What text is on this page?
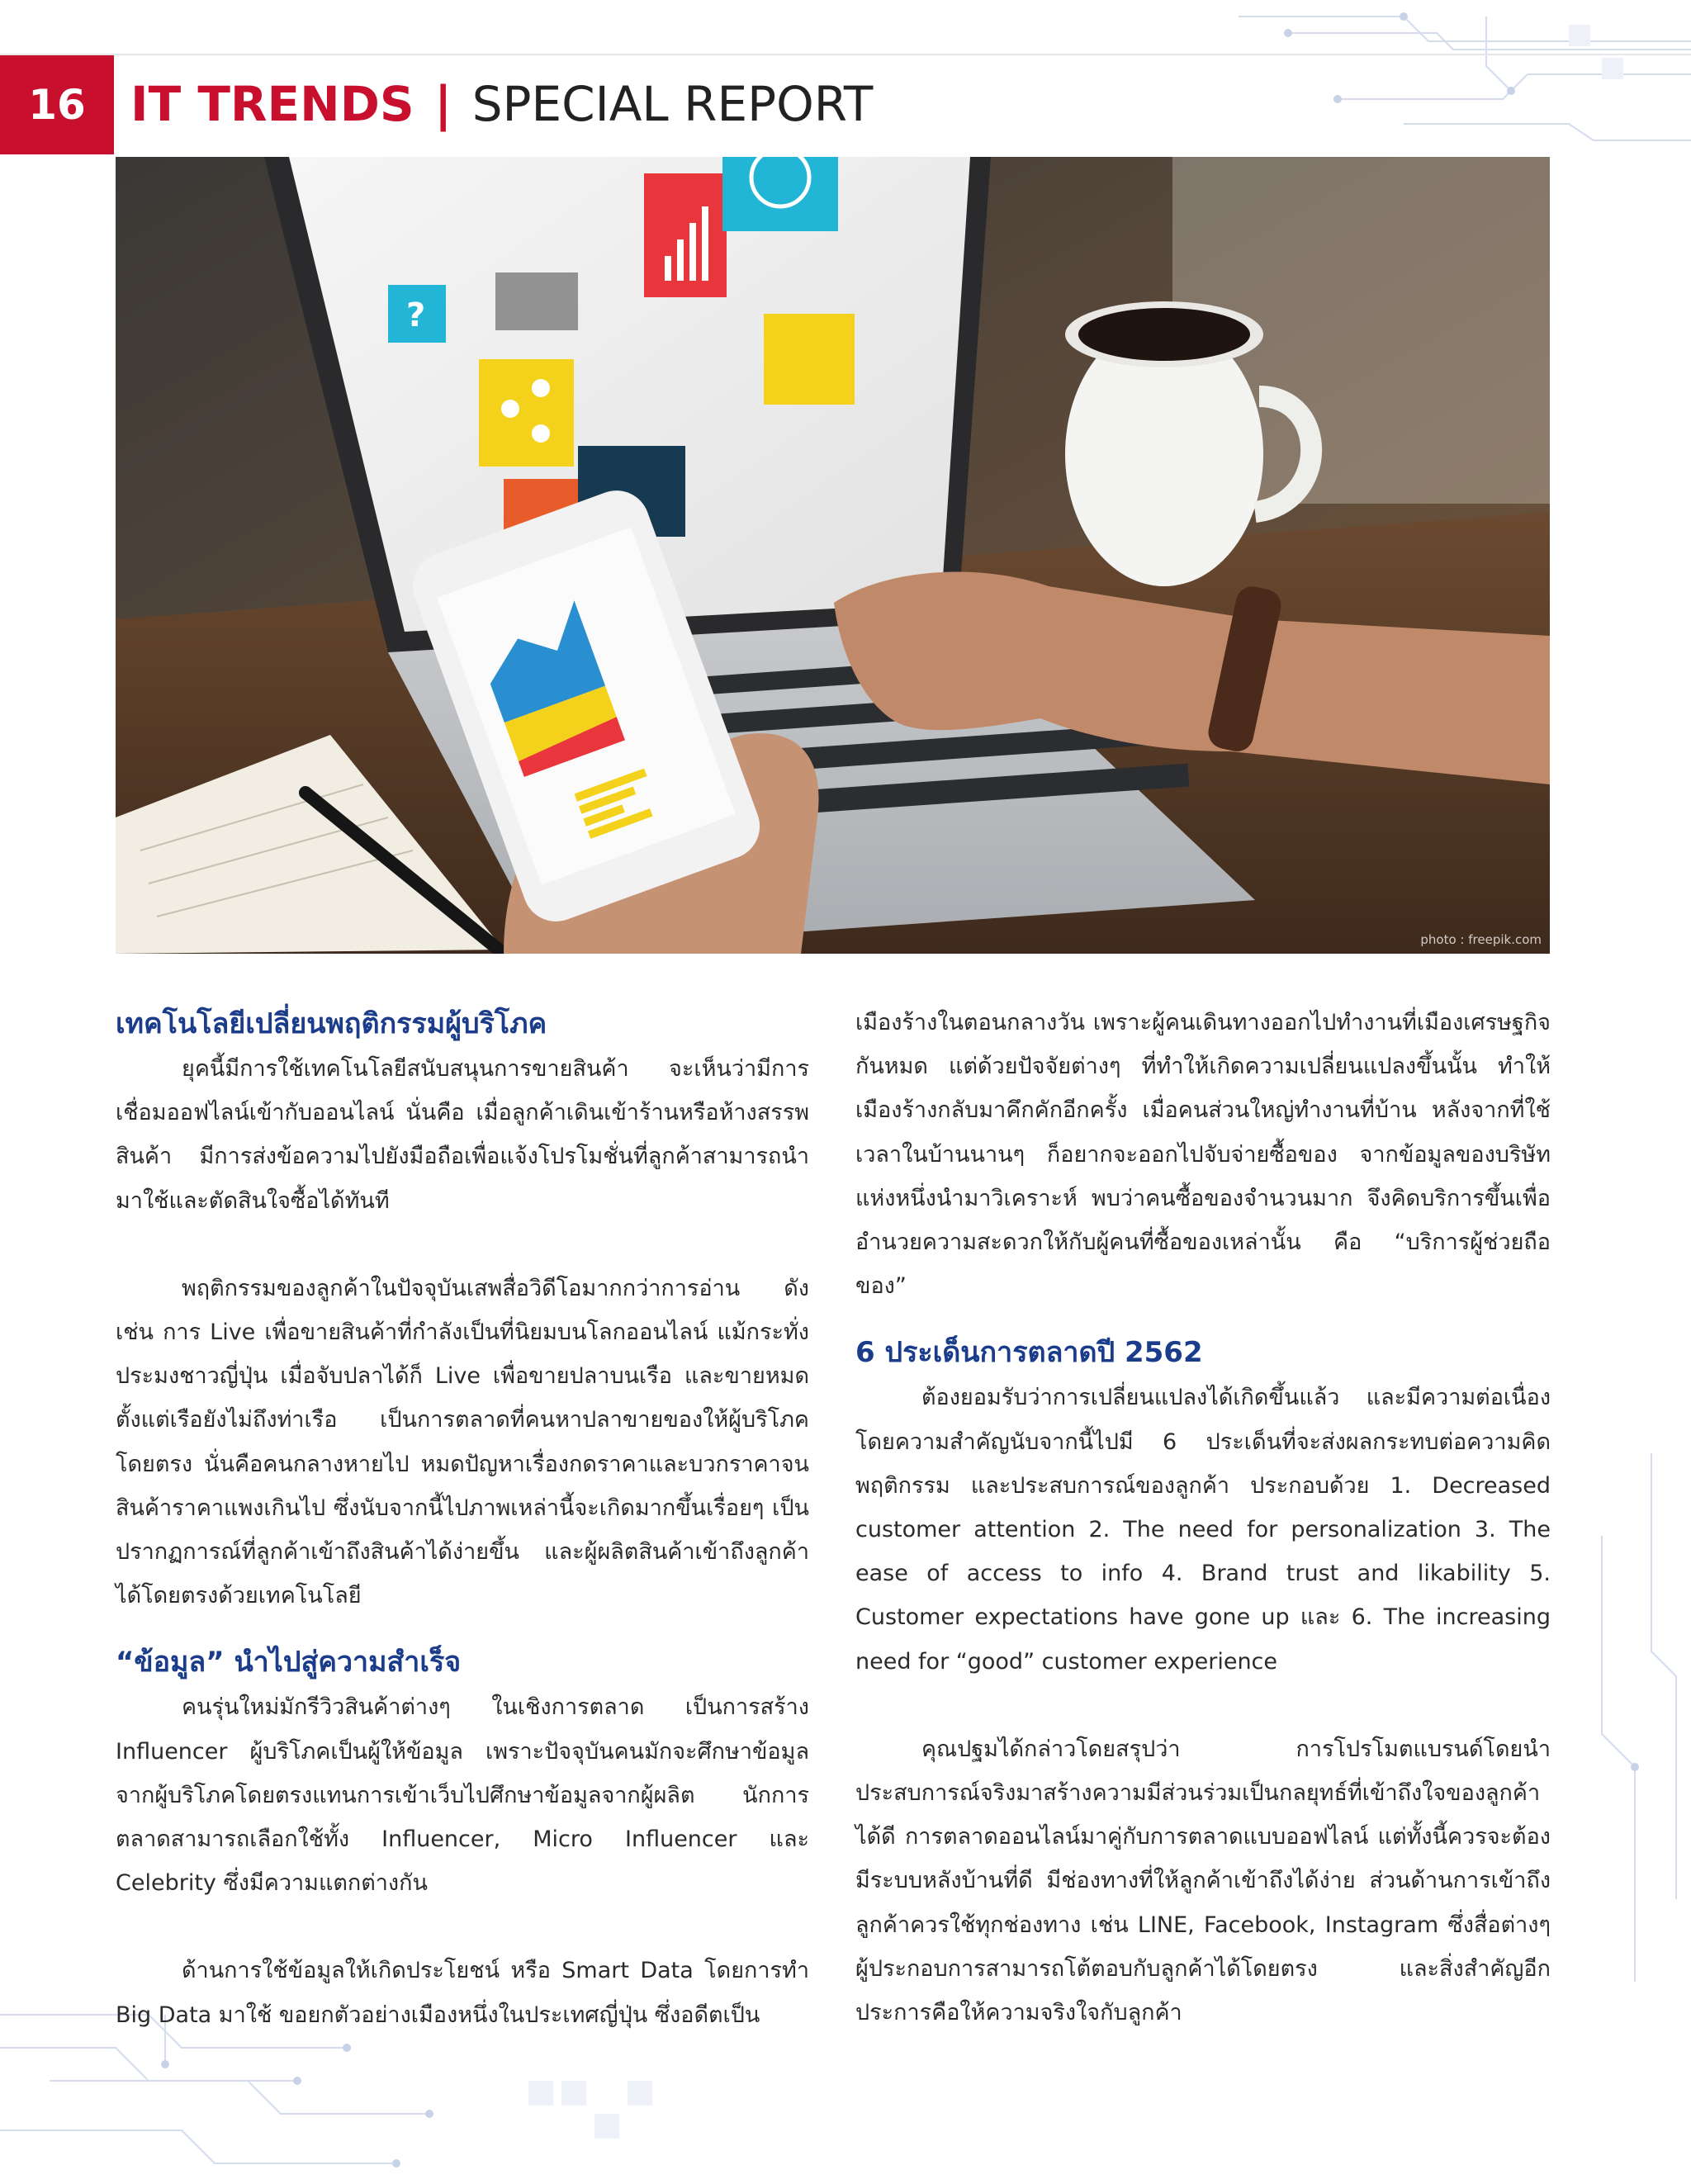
16 IT TRENDS | SPECIAL REPORT
?
photo : freepik.com
เทคโนโลยีเปลี่ยนพฤติกรรมผู้บริโภค

ยุคนี้มีการใช้เทคโนโลยีสนับสนุนการขายสินค้า จะเห็นว่ามีการเชื่อมออฟไลน์เข้ากับออนไลน์ นั่นคือ เมื่อลูกค้าเดินเข้าร้านหรือห้างสรรพสินค้า มีการส่งข้อความไปยังมือถือเพื่อแจ้งโปรโมชั่นที่ลูกค้าสามารถนำมาใช้และตัดสินใจซื้อได้ทันที

พฤติกรรมของลูกค้าในปัจจุบันเสพสื่อวิดีโอมากกว่าการอ่าน ดังเช่น การ Live เพื่อขายสินค้าที่กำลังเป็นที่นิยมบนโลกออนไลน์ แม้กระทั่งประมงชาวญี่ปุ่น เมื่อจับปลาได้ก็ Live เพื่อขายปลาบนเรือ และขายหมดตั้งแต่เรือยังไม่ถึงท่าเรือ เป็นการตลาดที่คนหาปลาขายของให้ผู้บริโภคโดยตรง นั่นคือคนกลางหายไป หมดปัญหาเรื่องกดราคาและบวกราคาจนสินค้าราคาแพงเกินไป ซึ่งนับจากนี้ไปภาพเหล่านี้จะเกิดมากขึ้นเรื่อยๆ เป็นปรากฏการณ์ที่ลูกค้าเข้าถึงสินค้าได้ง่ายขึ้น และผู้ผลิตสินค้าเข้าถึงลูกค้าได้โดยตรงด้วยเทคโนโลยี

“ข้อมูล” นำไปสู่ความสำเร็จ

คนรุ่นใหม่มักรีวิวสินค้าต่างๆ ในเชิงการตลาด เป็นการสร้าง Influencer ผู้บริโภคเป็นผู้ให้ข้อมูล เพราะปัจจุบันคนมักจะศึกษาข้อมูลจากผู้บริโภคโดยตรงแทนการเข้าเว็บไปศึกษาข้อมูลจากผู้ผลิต นักการตลาดสามารถเลือกใช้ทั้ง Influencer, Micro Influencer และ Celebrity ซึ่งมีความแตกต่างกัน

ด้านการใช้ข้อมูลให้เกิดประโยชน์ หรือ Smart Data โดยการทำ Big Data มาใช้ ขอยกตัวอย่างเมืองหนึ่งในประเทศญี่ปุ่น ซึ่งอดีตเป็น

เมืองร้างในตอนกลางวัน เพราะผู้คนเดินทางออกไปทำงานที่เมืองเศรษฐกิจกันหมด แต่ด้วยปัจจัยต่างๆ ที่ทำให้เกิดความเปลี่ยนแปลงขึ้นนั้น ทำให้เมืองร้างกลับมาคึกคักอีกครั้ง เมื่อคนส่วนใหญ่ทำงานที่บ้าน หลังจากที่ใช้เวลาในบ้านนานๆ ก็อยากจะออกไปจับจ่ายซื้อของ จากข้อมูลของบริษัทแห่งหนึ่งนำมาวิเคราะห์ พบว่าคนซื้อของจำนวนมาก จึงคิดบริการขึ้นเพื่ออำนวยความสะดวกให้กับผู้คนที่ซื้อของเหล่านั้น คือ “บริการผู้ช่วยถือของ”

6 ประเด็นการตลาดปี 2562

ต้องยอมรับว่าการเปลี่ยนแปลงได้เกิดขึ้นแล้ว และมีความต่อเนื่อง โดยความสำคัญนับจากนี้ไปมี 6 ประเด็นที่จะส่งผลกระทบต่อความคิด พฤติกรรม และประสบการณ์ของลูกค้า ประกอบด้วย 1. Decreased customer attention 2. The need for personalization 3. The ease of access to info 4. Brand trust and likability 5. Customer expectations have gone up และ 6. The increasing need for “good” customer experience

คุณปฐมได้กล่าวโดยสรุปว่า การโปรโมตแบรนด์โดยนำประสบการณ์จริงมาสร้างความมีส่วนร่วมเป็นกลยุทธ์ที่เข้าถึงใจของลูกค้าได้ดี การตลาดออนไลน์มาคู่กับการตลาดแบบออฟไลน์ แต่ทั้งนี้ควรจะต้องมีระบบหลังบ้านที่ดี มีช่องทางที่ให้ลูกค้าเข้าถึงได้ง่าย ส่วนด้านการเข้าถึงลูกค้าควรใช้ทุกช่องทาง เช่น LINE, Facebook, Instagram ซึ่งสื่อต่างๆ ผู้ประกอบการสามารถโต้ตอบกับลูกค้าได้โดยตรง และสิ่งสำคัญอีกประการคือให้ความจริงใจกับลูกค้า
